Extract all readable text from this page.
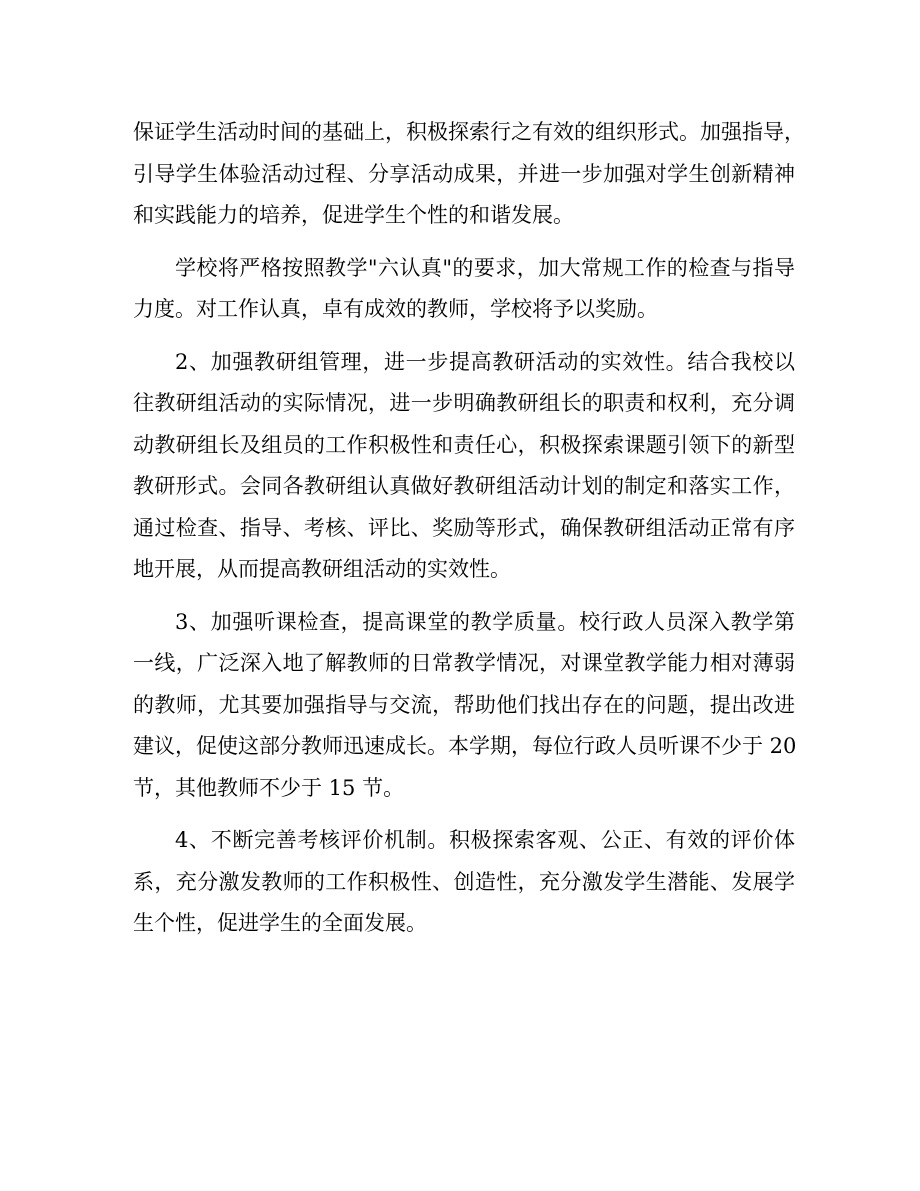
保证学生活动时间的基础上，积极探索行之有效的组织形式。加强指导，
引导学生体验活动过程、分享活动成果，并进一步加强对学生创新精神
和实践能力的培养，促进学生个性的和谐发展。
学校将严格按照教学"六认真"的要求，加大常规工作的检查与指导
力度。对工作认真，卓有成效的教师，学校将予以奖励。
2、加强教研组管理，进一步提高教研活动的实效性。结合我校以
往教研组活动的实际情况，进一步明确教研组长的职责和权利，充分调
动教研组长及组员的工作积极性和责任心，积极探索课题引领下的新型
教研形式。会同各教研组认真做好教研组活动计划的制定和落实工作，
通过检查、指导、考核、评比、奖励等形式，确保教研组活动正常有序
地开展，从而提高教研组活动的实效性。
3、加强听课检查，提高课堂的教学质量。校行政人员深入教学第
一线，广泛深入地了解教师的日常教学情况，对课堂教学能力相对薄弱
的教师，尤其要加强指导与交流，帮助他们找出存在的问题，提出改进
建议，促使这部分教师迅速成长。本学期，每位行政人员听课不少于 20
节，其他教师不少于 15 节。
4、不断完善考核评价机制。积极探索客观、公正、有效的评价体
系，充分激发教师的工作积极性、创造性，充分激发学生潜能、发展学
生个性，促进学生的全面发展。
